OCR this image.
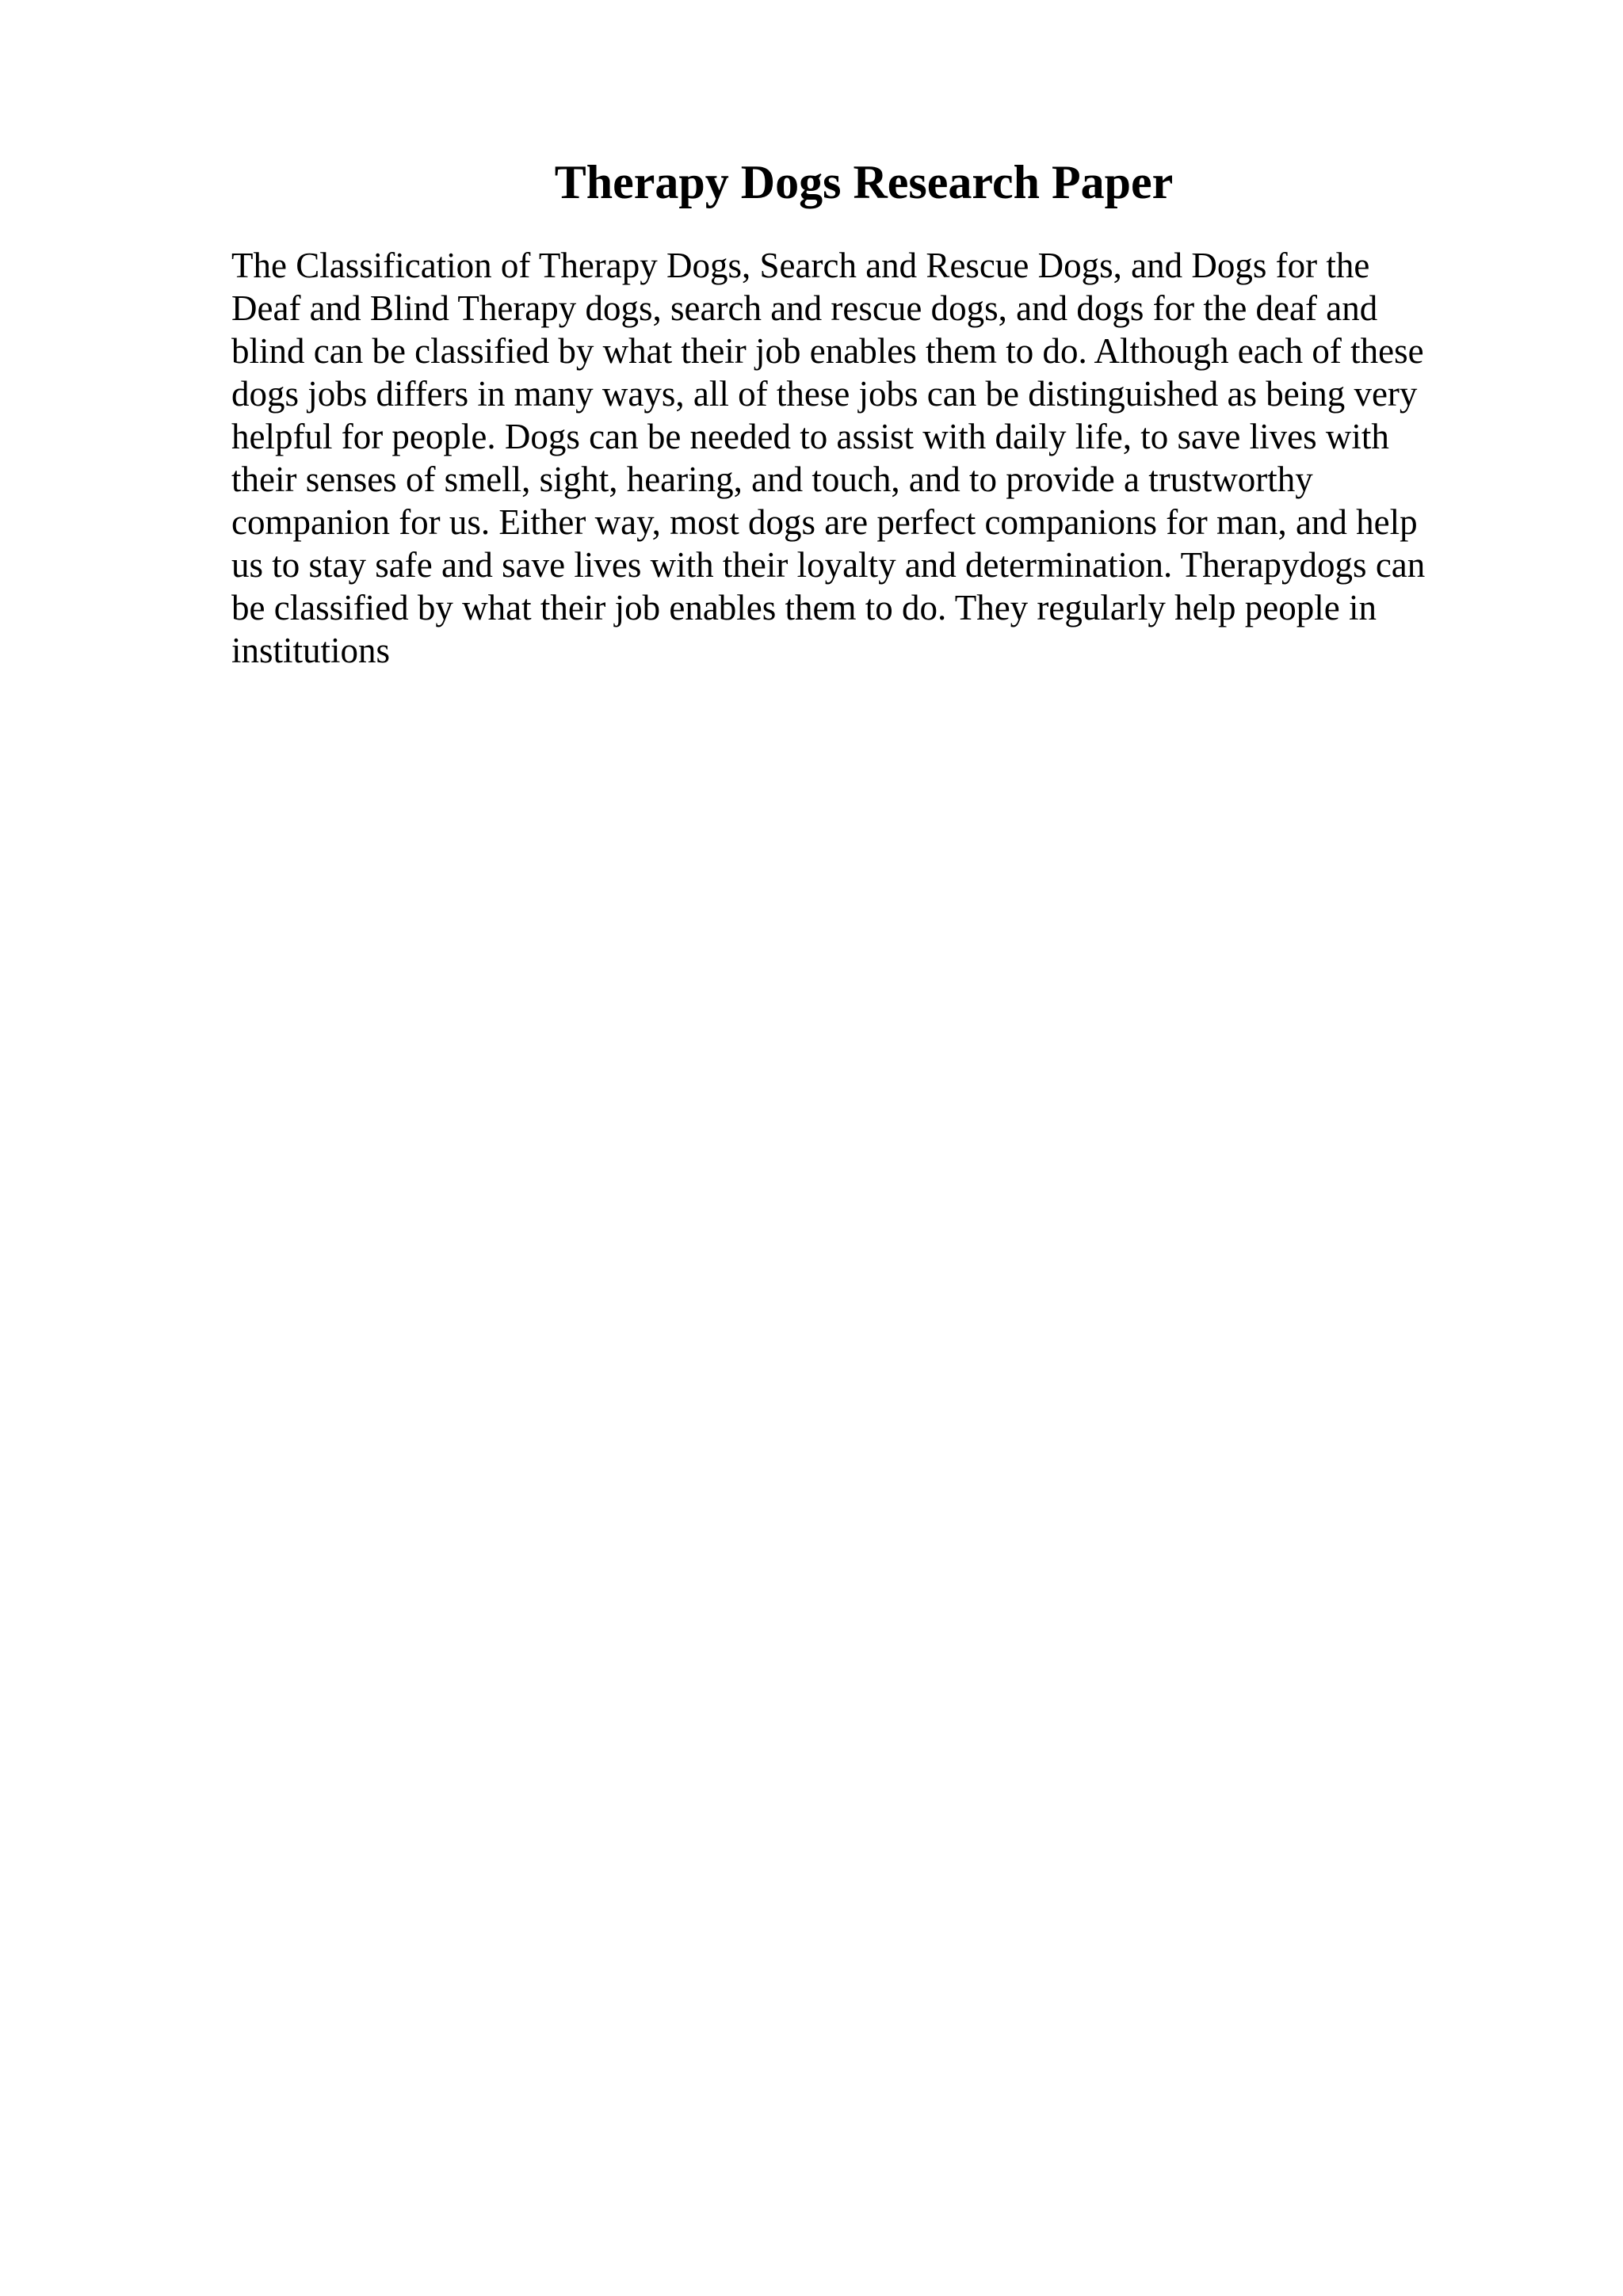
Therapy Dogs Research Paper

The Classification of Therapy Dogs, Search and Rescue Dogs, and Dogs for the
Deaf and Blind Therapy dogs, search and rescue dogs, and dogs for the deaf and
blind can be classified by what their job enables them to do. Although each of these
dogs jobs differs in many ways, all of these jobs can be distinguished as being very
helpful for people. Dogs can be needed to assist with daily life, to save lives with
their senses of smell, sight, hearing, and touch, and to provide a trustworthy
companion for us. Either way, most dogs are perfect companions for man, and help
us to stay safe and save lives with their loyalty and determination. Therapydogs can
be classified by what their job enables them to do. They regularly help people in
institutions
